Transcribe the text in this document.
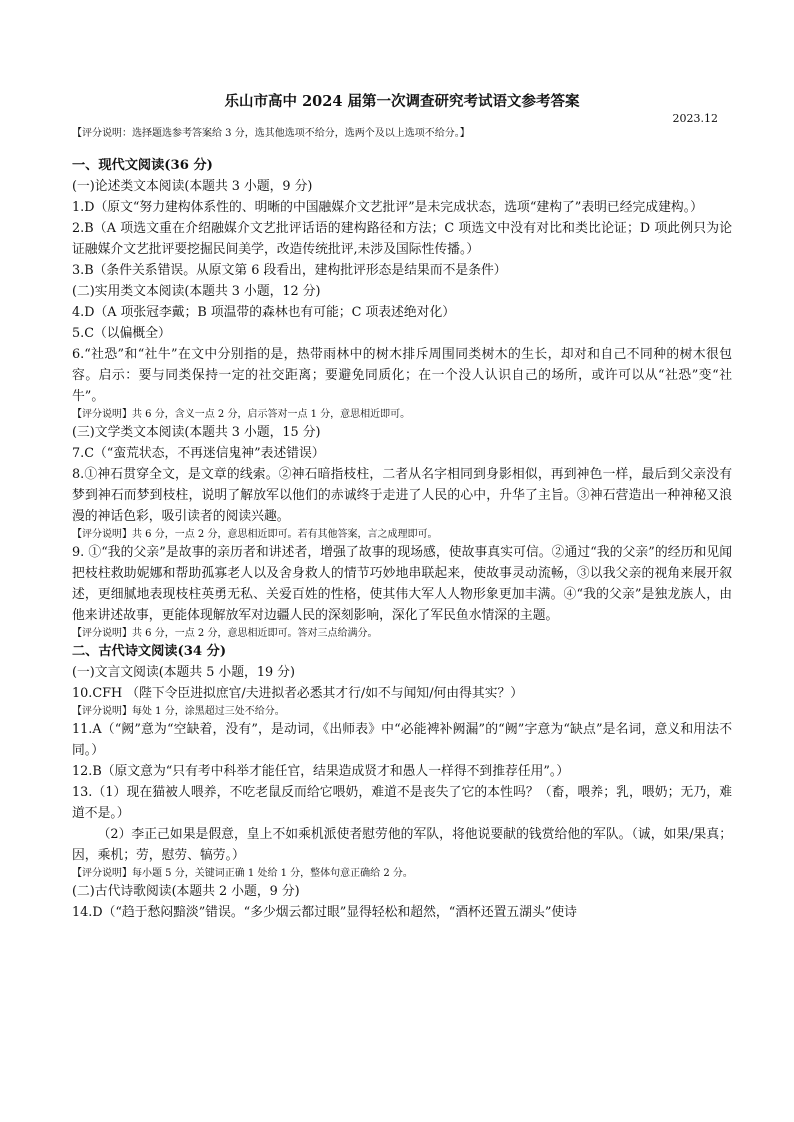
乐山市高中 2024 届第一次调查研究考试语文参考答案
2023.12
【评分说明：选择题选参考答案给 3 分，选其他选项不给分，选两个及以上选项不给分。】
一、现代文阅读(36 分)
(一)论述类文本阅读(本题共 3 小题，9 分)
1.D（原文“努力建构体系性的、明晰的中国融媒介文艺批评”是未完成状态，选项“建构了”表明已经完成建构。）
2.B（A 项选文重在介绍融媒介文艺批评话语的建构路径和方法；C 项选文中没有对比和类比论证；D 项此例只为论证融媒介文艺批评要挖掘民间美学，改造传统批评,未涉及国际性传播。）
3.B（条件关系错误。从原文第 6 段看出，建构批评形态是结果而不是条件）
(二)实用类文本阅读(本题共 3 小题，12 分)
4.D（A 项张冠李戴；B 项温带的森林也有可能；C 项表述绝对化）
5.C（以偏概全）
6.“社恐”和“社牛”在文中分别指的是，热带雨林中的树木排斥周围同类树木的生长，却对和自己不同种的树木很包容。启示：要与同类保持一定的社交距离；要避免同质化；在一个没人认识自己的场所，或许可以从“社恐”变“社牛”。
【评分说明】共 6 分，含义一点 2 分，启示答对一点 1 分，意思相近即可。
(三)文学类文本阅读(本题共 3 小题，15 分)
7.C（“蛮荒状态，不再迷信鬼神”表述错误）
8.①神石贯穿全文，是文章的线索。②神石暗指枝柱，二者从名字相同到身影相似，再到神色一样，最后到父亲没有梦到神石而梦到枝柱，说明了解放军以他们的赤诚终于走进了人民的心中，升华了主旨。③神石营造出一种神秘又浪漫的神话色彩，吸引读者的阅读兴趣。
【评分说明】共 6 分，一点 2 分，意思相近即可。若有其他答案，言之成理即可。
9. ①“我的父亲”是故事的亲历者和讲述者，增强了故事的现场感，使故事真实可信。②通过“我的父亲”的经历和见闻把枝柱救助妮娜和帮助孤寡老人以及舍身救人的情节巧妙地串联起来，使故事灵动流畅，③以我父亲的视角来展开叙述，更细腻地表现枝柱英勇无私、关爱百姓的性格，使其伟大军人人物形象更加丰满。④“我的父亲”是独龙族人，由他来讲述故事，更能体现解放军对边疆人民的深刻影响，深化了军民鱼水情深的主题。
【评分说明】共 6 分，一点 2 分，意思相近即可。答对三点给满分。
二、古代诗文阅读(34 分)
(一)文言文阅读(本题共 5 小题，19 分)
10.CFH （陛下令臣进拟庶官/夫进拟者必悉其才行/如不与闻知/何由得其实？）
【评分说明】每处 1 分，涂黑超过三处不给分。
11.A（“阙”意为“空缺着，没有”，是动词，《出师表》中“必能裨补阙漏”的“阙”字意为“缺点”是名词，意义和用法不同。）
12.B（原文意为“只有考中科举才能任官，结果造成贤才和愚人一样得不到推荐任用”。）
13.（1）现在猫被人喂养，不吃老鼠反而给它喂奶，难道不是丧失了它的本性吗？（畜，喂养；乳，喂奶；无乃，难道不是。）
（2）李正己如果是假意，皇上不如乘机派使者慰劳他的军队，将他说要献的钱赏给他的军队。（诚，如果/果真；因，乘机；劳，慰劳、犒劳。）
【评分说明】每小题 5 分，关键词正确 1 处给 1 分，整体句意正确给 2 分。
(二)古代诗歌阅读(本题共 2 小题，9 分)
14.D（“趋于愁闷黯淡”错误。“多少烟云都过眼”显得轻松和超然，“酒杯还置五湖头”使诗
